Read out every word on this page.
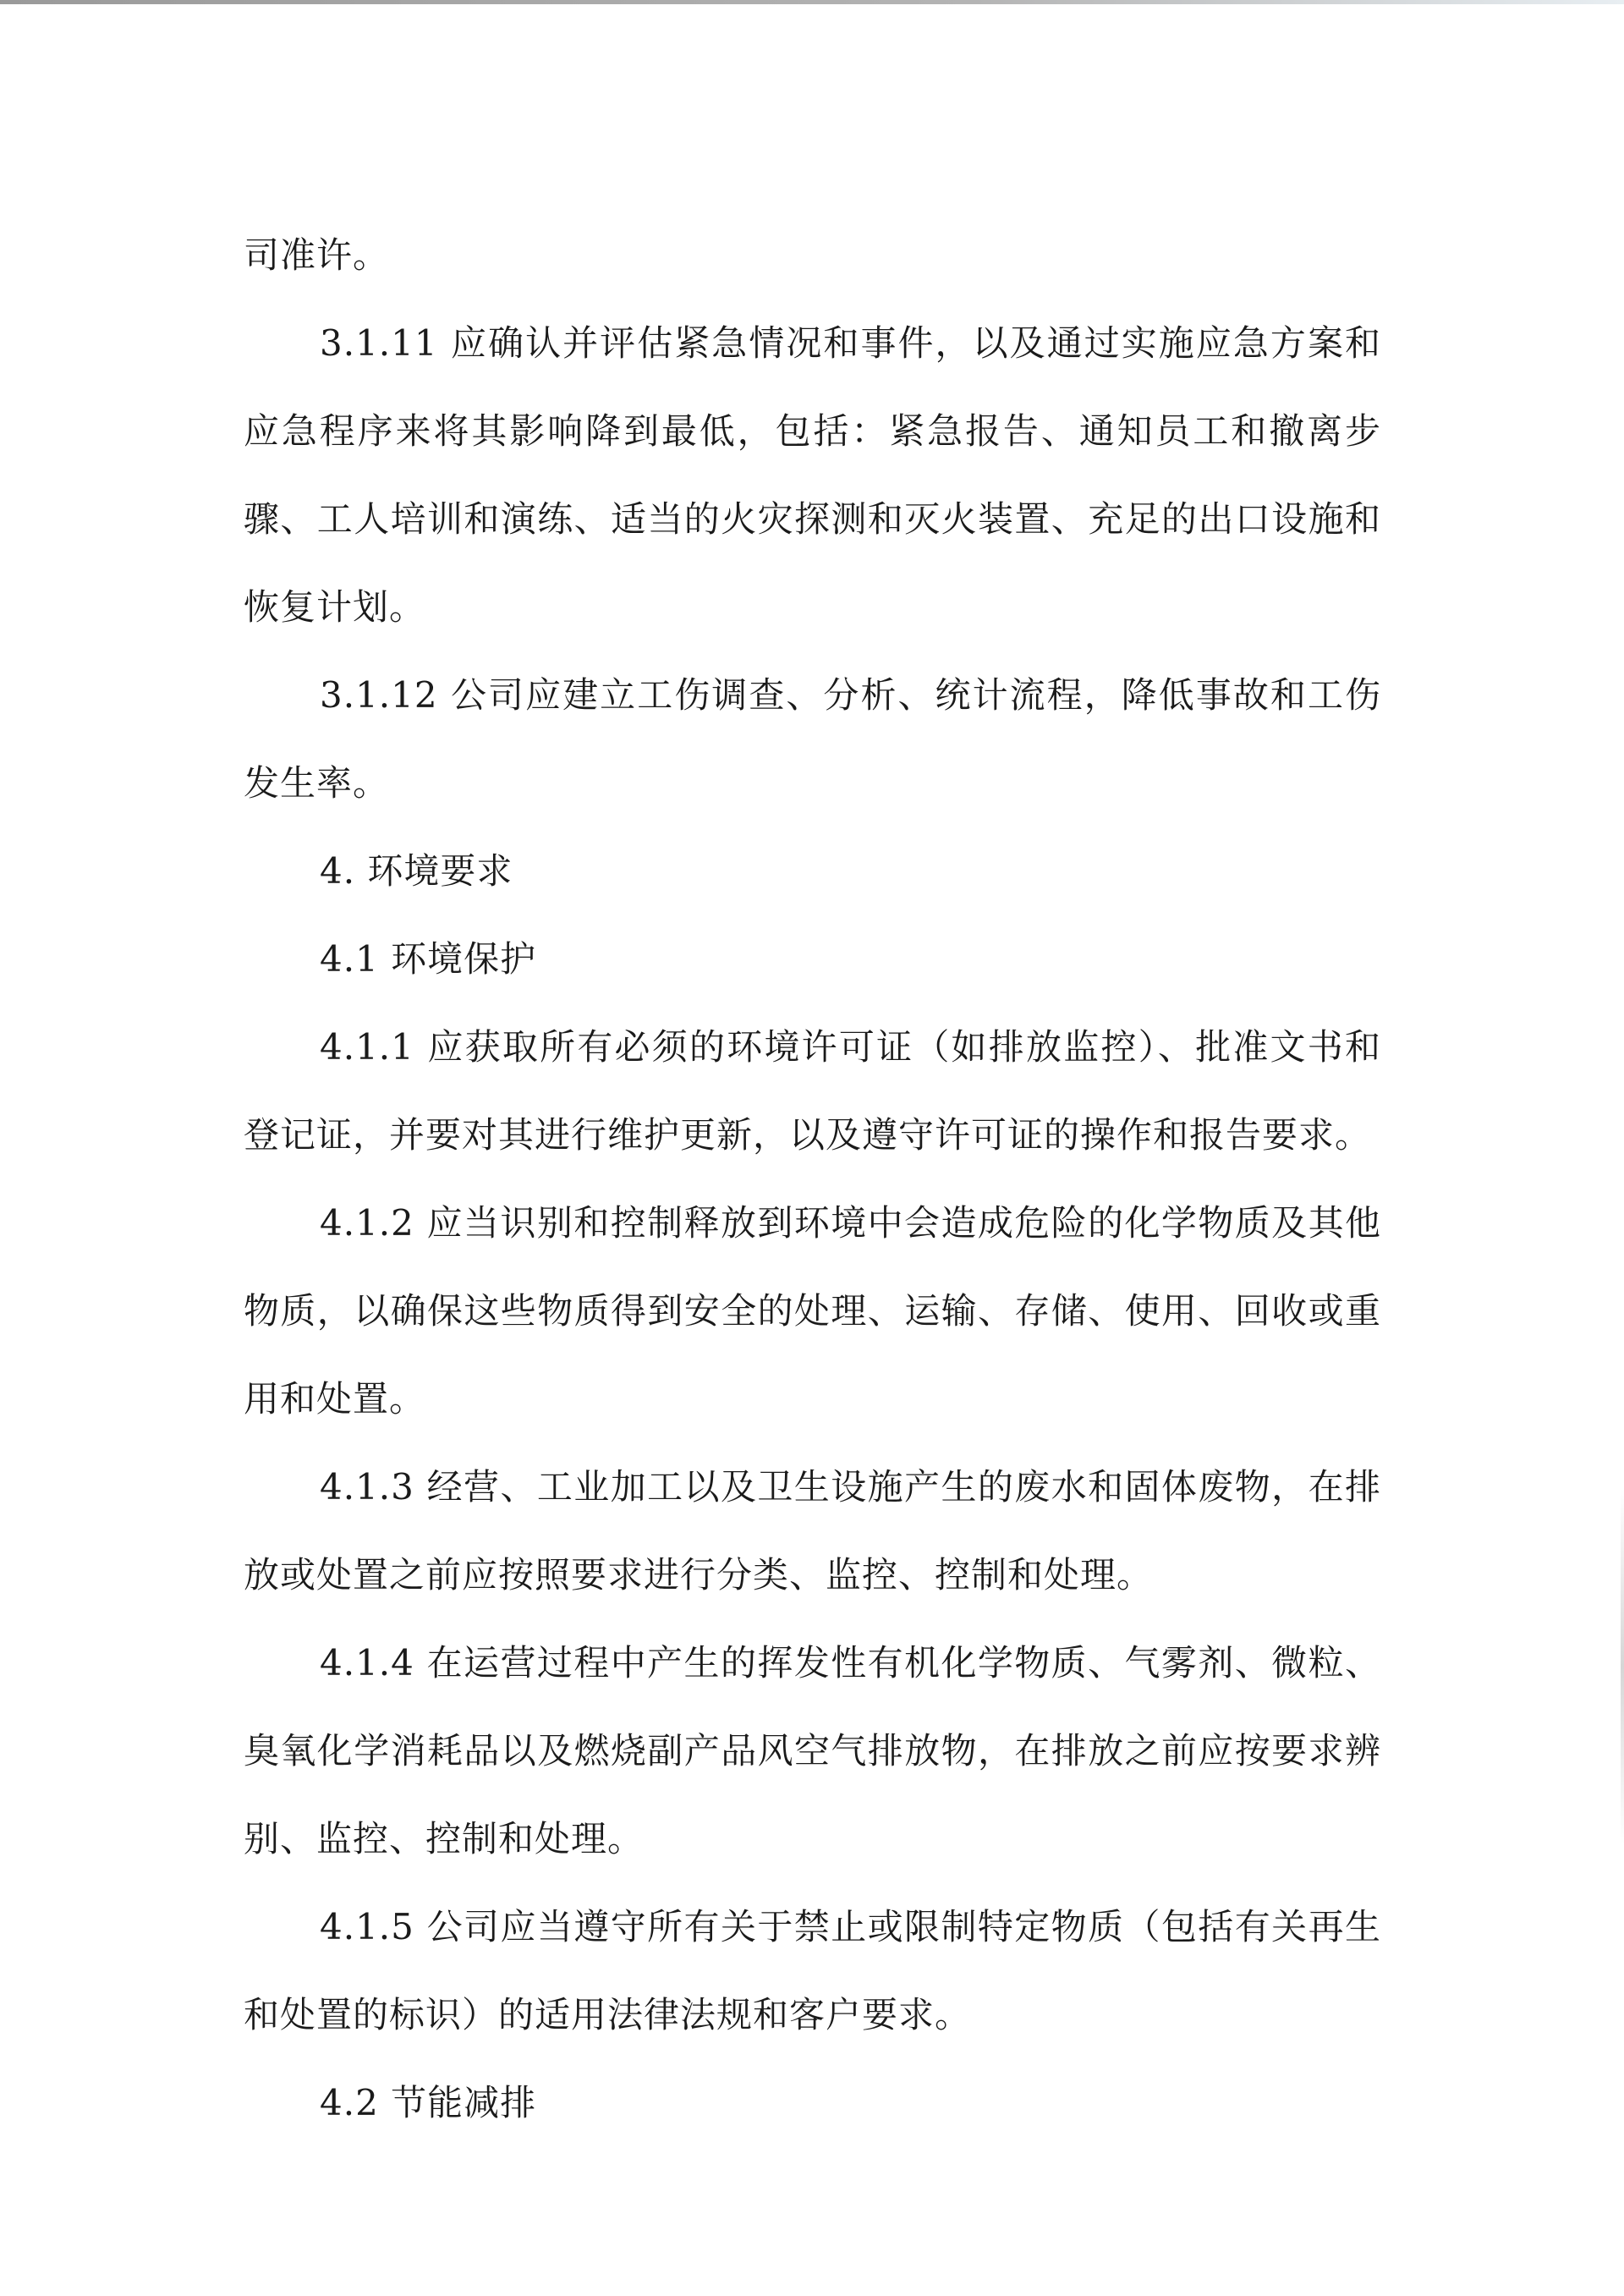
司准许。

3.1.11 应确认并评估紧急情况和事件，以及通过实施应急方案和应急程序来将其影响降到最低，包括：紧急报告、通知员工和撤离步骤、工人培训和演练、适当的火灾探测和灭火装置、充足的出口设施和恢复计划。

3.1.12 公司应建立工伤调查、分析、统计流程，降低事故和工伤发生率。

4. 环境要求

4.1 环境保护

4.1.1 应获取所有必须的环境许可证（如排放监控）、批准文书和登记证，并要对其进行维护更新，以及遵守许可证的操作和报告要求。

4.1.2 应当识别和控制释放到环境中会造成危险的化学物质及其他物质，以确保这些物质得到安全的处理、运输、存储、使用、回收或重用和处置。

4.1.3 经营、工业加工以及卫生设施产生的废水和固体废物，在排放或处置之前应按照要求进行分类、监控、控制和处理。

4.1.4 在运营过程中产生的挥发性有机化学物质、气雾剂、微粒、臭氧化学消耗品以及燃烧副产品风空气排放物，在排放之前应按要求辨别、监控、控制和处理。

4.1.5 公司应当遵守所有关于禁止或限制特定物质（包括有关再生和处置的标识）的适用法律法规和客户要求。

4.2 节能减排
